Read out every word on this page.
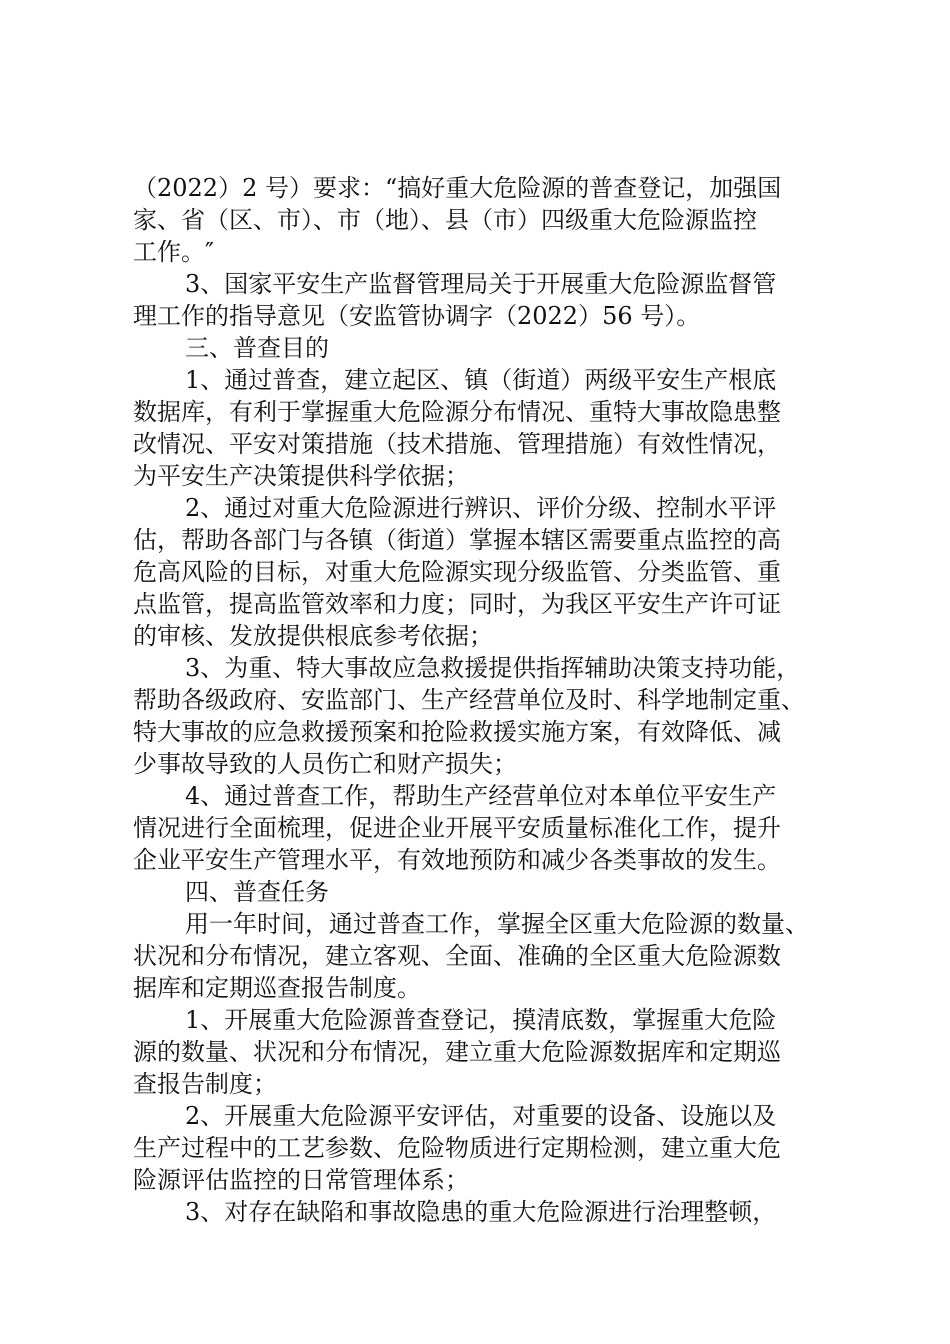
（2022）2 号）要求：“搞好重大危险源的普查登记，加强国
家、省（区、市）、市（地）、县（市）四级重大危险源监控
工作。″
3、国家平安生产监督管理局关于开展重大危险源监督管
理工作的指导意见（安监管协调字（2022）56 号）。
三、普查目的
1、通过普查，建立起区、镇（街道）两级平安生产根底
数据库，有利于掌握重大危险源分布情况、重特大事故隐患整
改情况、平安对策措施（技术措施、管理措施）有效性情况，
为平安生产决策提供科学依据；
2、通过对重大危险源进行辨识、评价分级、控制水平评
估，帮助各部门与各镇（街道）掌握本辖区需要重点监控的高
危高风险的目标，对重大危险源实现分级监管、分类监管、重
点监管，提高监管效率和力度；同时，为我区平安生产许可证
的审核、发放提供根底参考依据；
3、为重、特大事故应急救援提供指挥辅助决策支持功能，
帮助各级政府、安监部门、生产经营单位及时、科学地制定重、
特大事故的应急救援预案和抢险救援实施方案，有效降低、减
少事故导致的人员伤亡和财产损失；
4、通过普查工作，帮助生产经营单位对本单位平安生产
情况进行全面梳理，促进企业开展平安质量标准化工作，提升
企业平安生产管理水平，有效地预防和减少各类事故的发生。
四、普查任务
用一年时间，通过普查工作，掌握全区重大危险源的数量、
状况和分布情况，建立客观、全面、准确的全区重大危险源数
据库和定期巡查报告制度。
1、开展重大危险源普查登记，摸清底数，掌握重大危险
源的数量、状况和分布情况，建立重大危险源数据库和定期巡
查报告制度；
2、开展重大危险源平安评估，对重要的设备、设施以及
生产过程中的工艺参数、危险物质进行定期检测，建立重大危
险源评估监控的日常管理体系；
3、对存在缺陷和事故隐患的重大危险源进行治理整顿，
